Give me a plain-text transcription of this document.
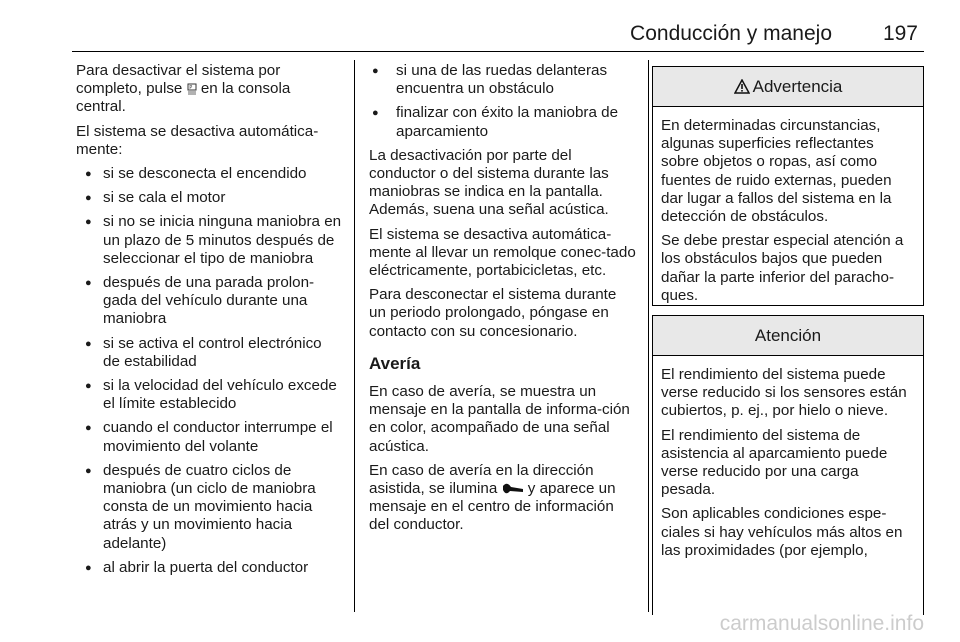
Conducción y manejo 197

Para desactivar el sistema por completo, pulse P en la consola central.

El sistema se desactiva automática-mente:

● si se desconecta el encendido
● si se cala el motor
● si no se inicia ninguna maniobra en un plazo de 5 minutos después de seleccionar el tipo de maniobra
● después de una parada prolon-gada del vehículo durante una maniobra
● si se activa el control electrónico de estabilidad
● si la velocidad del vehículo excede el límite establecido
● cuando el conductor interrumpe el movimiento del volante
● después de cuatro ciclos de maniobra (un ciclo de maniobra consta de un movimiento hacia atrás y un movimiento hacia adelante)
● al abrir la puerta del conductor
● si una de las ruedas delanteras encuentra un obstáculo
● finalizar con éxito la maniobra de aparcamiento

La desactivación por parte del conductor o del sistema durante las maniobras se indica en la pantalla. Además, suena una señal acústica.

El sistema se desactiva automática-mente al llevar un remolque conec-tado eléctricamente, portabicicletas, etc.

Para desconectar el sistema durante un periodo prolongado, póngase en contacto con su concesionario.

Avería

En caso de avería, se muestra un mensaje en la pantalla de informa-ción en color, acompañado de una señal acústica.

En caso de avería en la dirección asistida, se ilumina  y aparece un mensaje en el centro de información del conductor.

Advertencia

En determinadas circunstancias, algunas superficies reflectantes sobre objetos o ropas, así como fuentes de ruido externas, pueden dar lugar a fallos del sistema en la detección de obstáculos.

Se debe prestar especial atención a los obstáculos bajos que pueden dañar la parte inferior del paracho-ques.

Atención

El rendimiento del sistema puede verse reducido si los sensores están cubiertos, p. ej., por hielo o nieve.

El rendimiento del sistema de asistencia al aparcamiento puede verse reducido por una carga pesada.

Son aplicables condiciones espe-ciales si hay vehículos más altos en las proximidades (por ejemplo,

carmanualsonline.info
